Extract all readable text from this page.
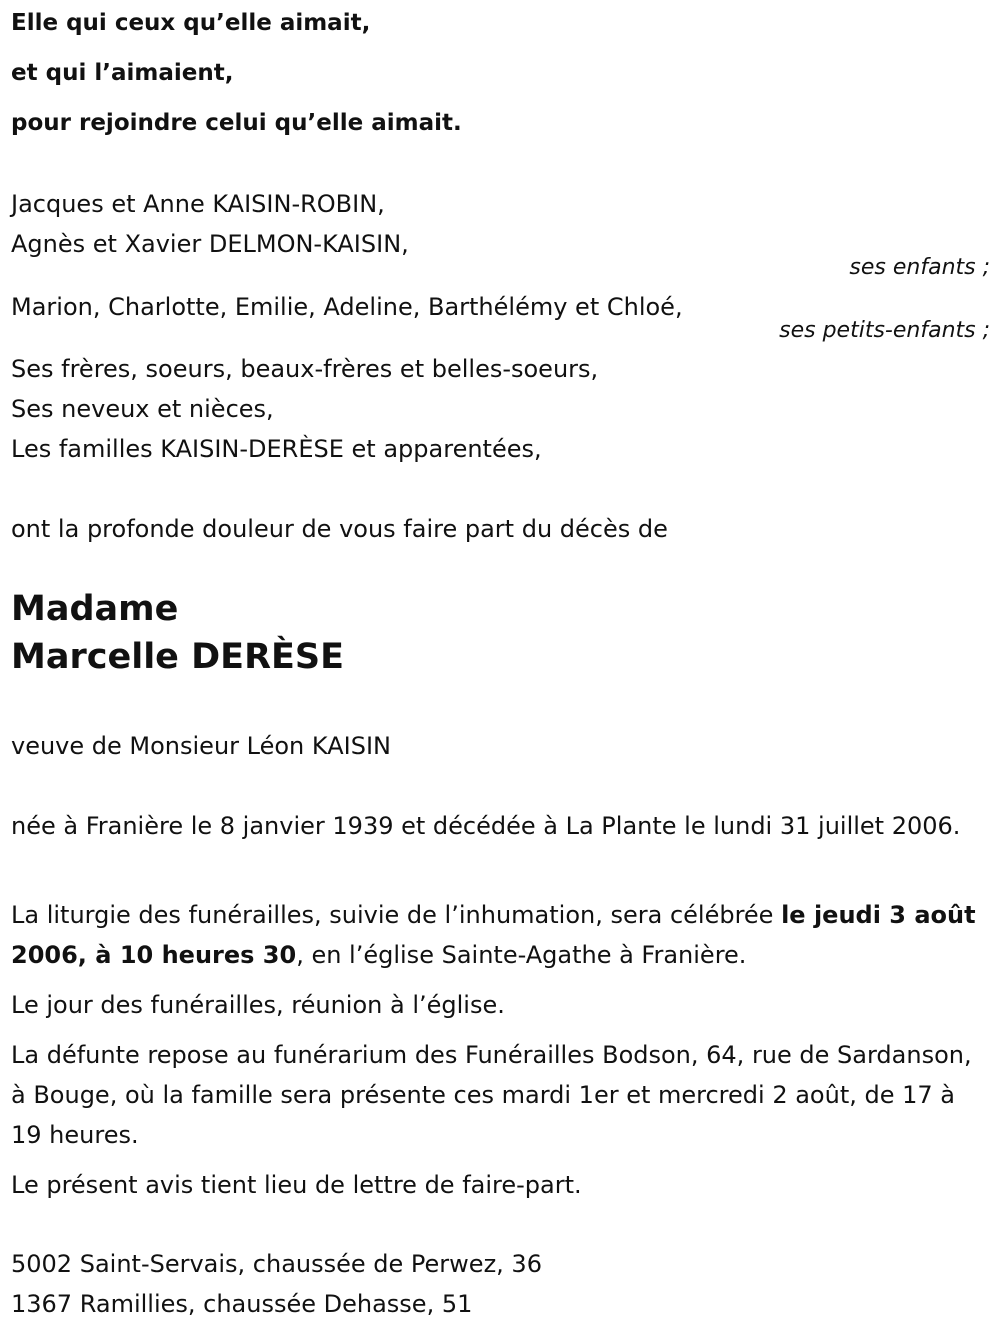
Elle qui ceux qu’elle aimait,
et qui l’aimaient,
pour rejoindre celui qu’elle aimait.
Jacques et Anne KAISIN-ROBIN,
Agnès et Xavier DELMON-KAISIN,
ses enfants ;
Marion, Charlotte, Emilie, Adeline, Barthélémy et Chloé,
ses petits-enfants ;
Ses frères, soeurs, beaux-frères et belles-soeurs,
Ses neveux et nièces,
Les familles KAISIN-DERÈSE et apparentées,
ont la profonde douleur de vous faire part du décès de
Madame
Marcelle DERÈSE
veuve de Monsieur Léon KAISIN
née à Franière le 8 janvier 1939 et décédée à La Plante le lundi 31 juillet 2006.
La liturgie des funérailles, suivie de l’inhumation, sera célébrée le jeudi 3 août 2006, à 10 heures 30, en l’église Sainte-Agathe à Franière.
Le jour des funérailles, réunion à l’église.
La défunte repose au funérarium des Funérailles Bodson, 64, rue de Sardanson, à Bouge, où la famille sera présente ces mardi 1er et mercredi 2 août, de 17 à 19 heures.
Le présent avis tient lieu de lettre de faire-part.
5002 Saint-Servais, chaussée de Perwez, 36
1367 Ramillies, chaussée Dehasse, 51
